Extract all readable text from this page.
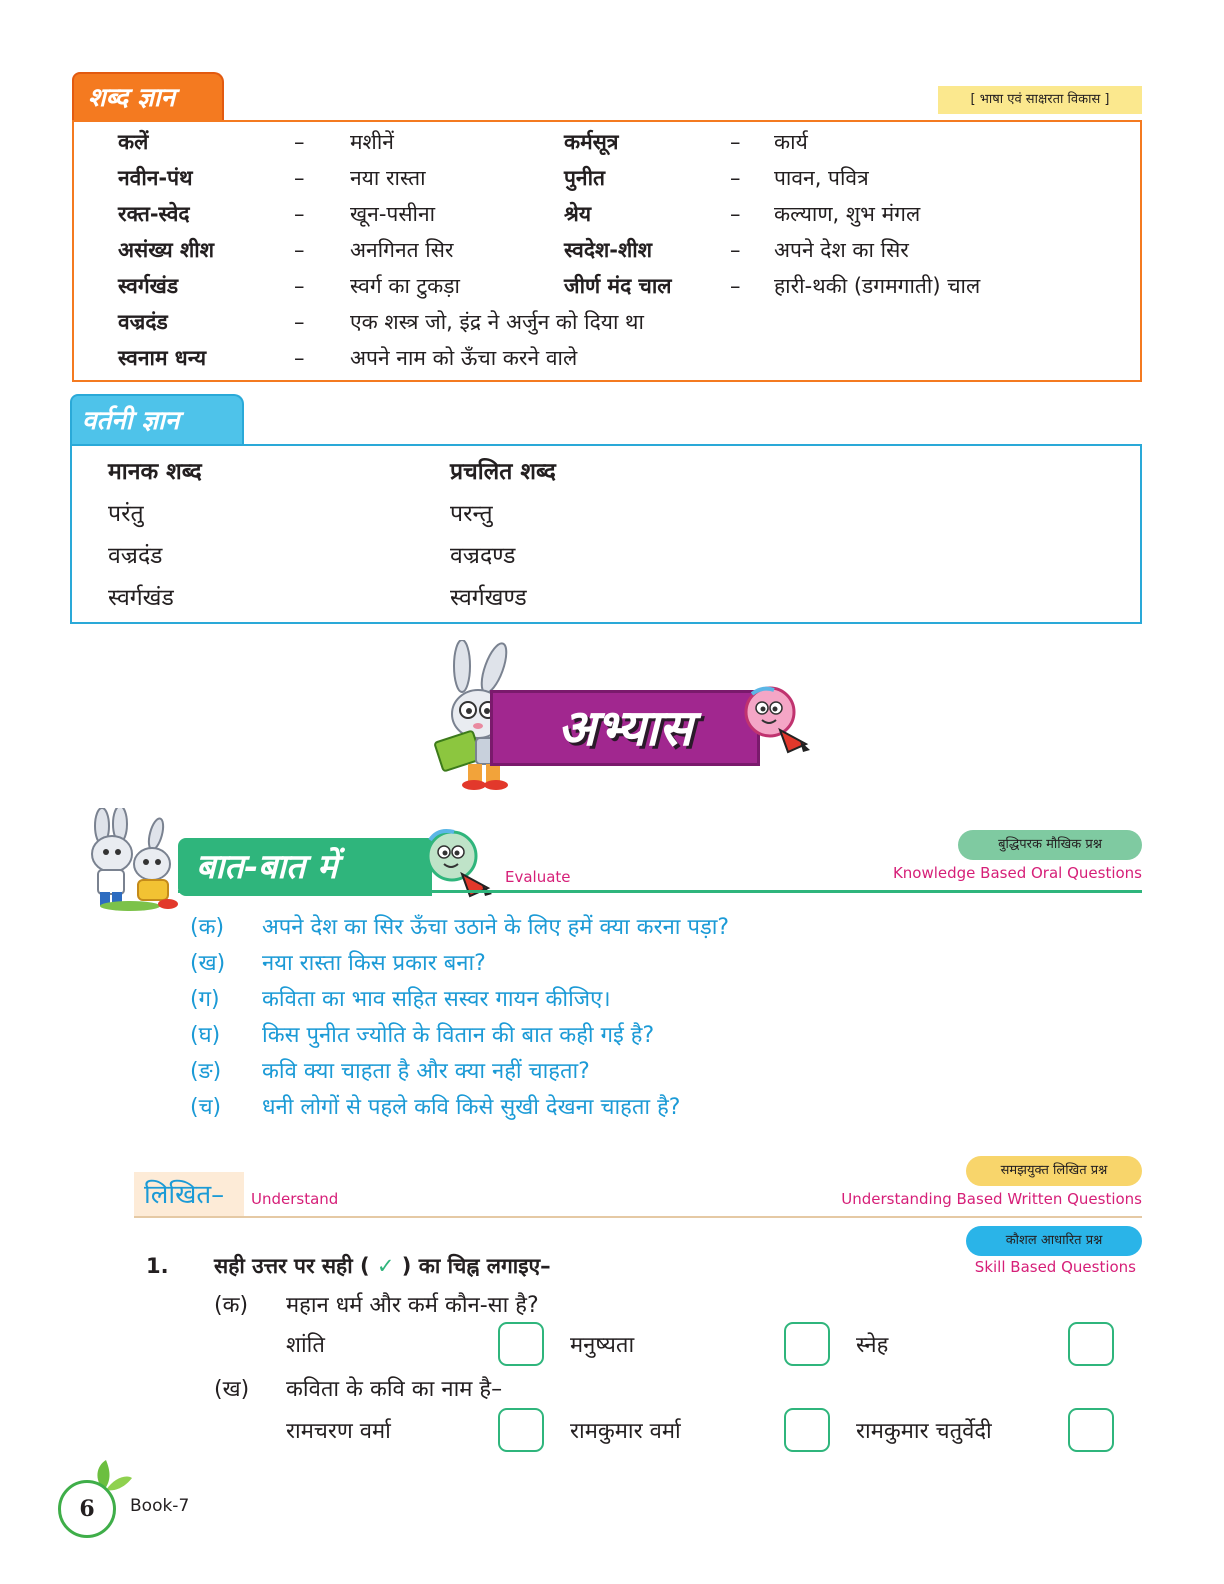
शब्द ज्ञान	[ भाषा एवं साक्षरता विकास ]
कलें	– मशीनें	कर्मसूत्र	– कार्य
नवीन-पंथ	– नया रास्ता	पुनीत	– पावन, पवित्र
रक्त-स्वेद	– खून-पसीना	श्रेय	– कल्याण, शुभ मंगल
असंख्य शीश	– अनगिनत सिर	स्वदेश-शीश	– अपने देश का सिर
स्वर्गखंड	– स्वर्ग का टुकड़ा	जीर्ण मंद चाल	– हारी-थकी (डगमगाती) चाल
वज्रदंड	– एक शस्त्र जो, इंद्र ने अर्जुन को दिया था
स्वनाम धन्य	– अपने नाम को ऊँचा करने वाले
वर्तनी ज्ञान
मानक शब्द	प्रचलित शब्द
परंतु	परन्तु
वज्रदंड	वज्रदण्ड
स्वर्गखंड	स्वर्गखण्ड
अभ्यास
बात-बात में	Evaluate
बुद्धिपरक मौखिक प्रश्न
Knowledge Based Oral Questions
(क) अपने देश का सिर ऊँचा उठाने के लिए हमें क्या करना पड़ा?
(ख) नया रास्ता किस प्रकार बना?
(ग) कविता का भाव सहित सस्वर गायन कीजिए।
(घ) किस पुनीत ज्योति के वितान की बात कही गई है?
(ङ) कवि क्या चाहता है और क्या नहीं चाहता?
(च) धनी लोगों से पहले कवि किसे सुखी देखना चाहता है?
समझयुक्त लिखित प्रश्न
लिखित–	Understand	Understanding Based Written Questions
कौशल आधारित प्रश्न
Skill Based Questions
1. सही उत्तर पर सही ( ✓ ) का चिह्न लगाइए–
(क) महान धर्म और कर्म कौन-सा है?
शांति	मनुष्यता	स्नेह
(ख) कविता के कवि का नाम है–
रामचरण वर्मा	रामकुमार वर्मा	रामकुमार चतुर्वेदी
6	Book-7
